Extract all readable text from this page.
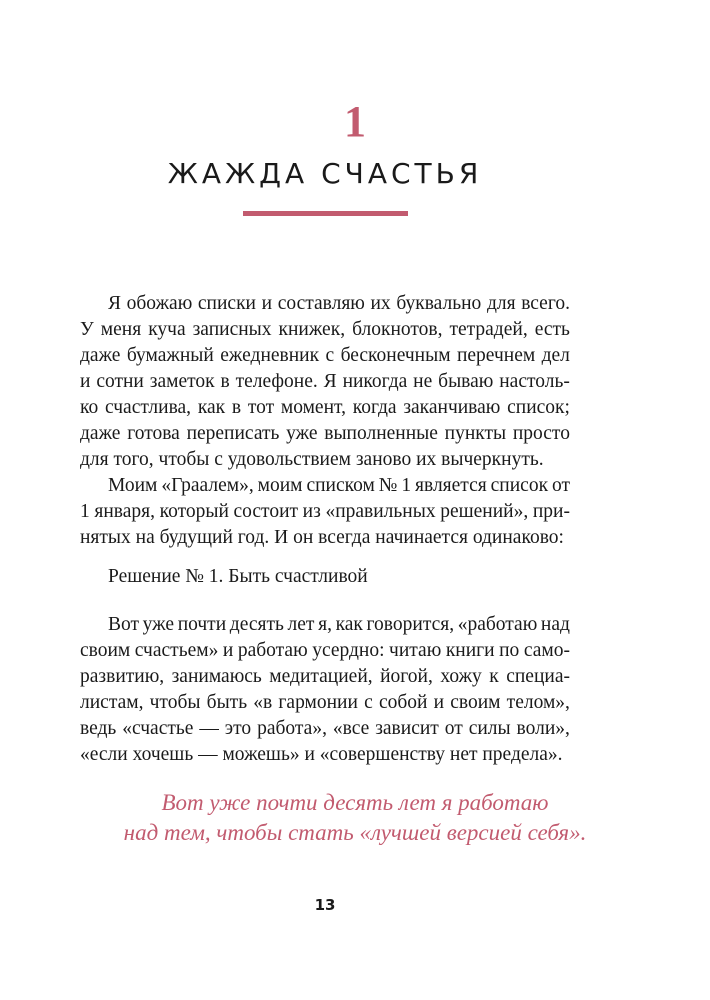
1
ЖАЖДА СЧАСТЬЯ
Я обожаю списки и составляю их буквально для всего.
У меня куча записных книжек, блокнотов, тетрадей, есть
даже бумажный ежедневник с бесконечным перечнем дел
и сотни заметок в телефоне. Я никогда не бываю настоль-
ко счастлива, как в тот момент, когда заканчиваю список;
даже готова переписать уже выполненные пункты просто
для того, чтобы с удовольствием заново их вычеркнуть.
Моим «Граалем», моим списком № 1 является список от
1 января, который состоит из «правильных решений», при-
нятых на будущий год. И он всегда начинается одинаково:
Решение № 1. Быть счастливой
Вот уже почти десять лет я, как говорится, «работаю над
своим счастьем» и работаю усердно: читаю книги по само-
развитию, занимаюсь медитацией, йогой, хожу к специа-
листам, чтобы быть «в гармонии с собой и своим телом»,
ведь «счастье — это работа», «все зависит от силы воли»,
«если хочешь — можешь» и «совершенству нет предела».
Вот уже почти десять лет я работаю
над тем, чтобы стать «лучшей версией себя».
13
